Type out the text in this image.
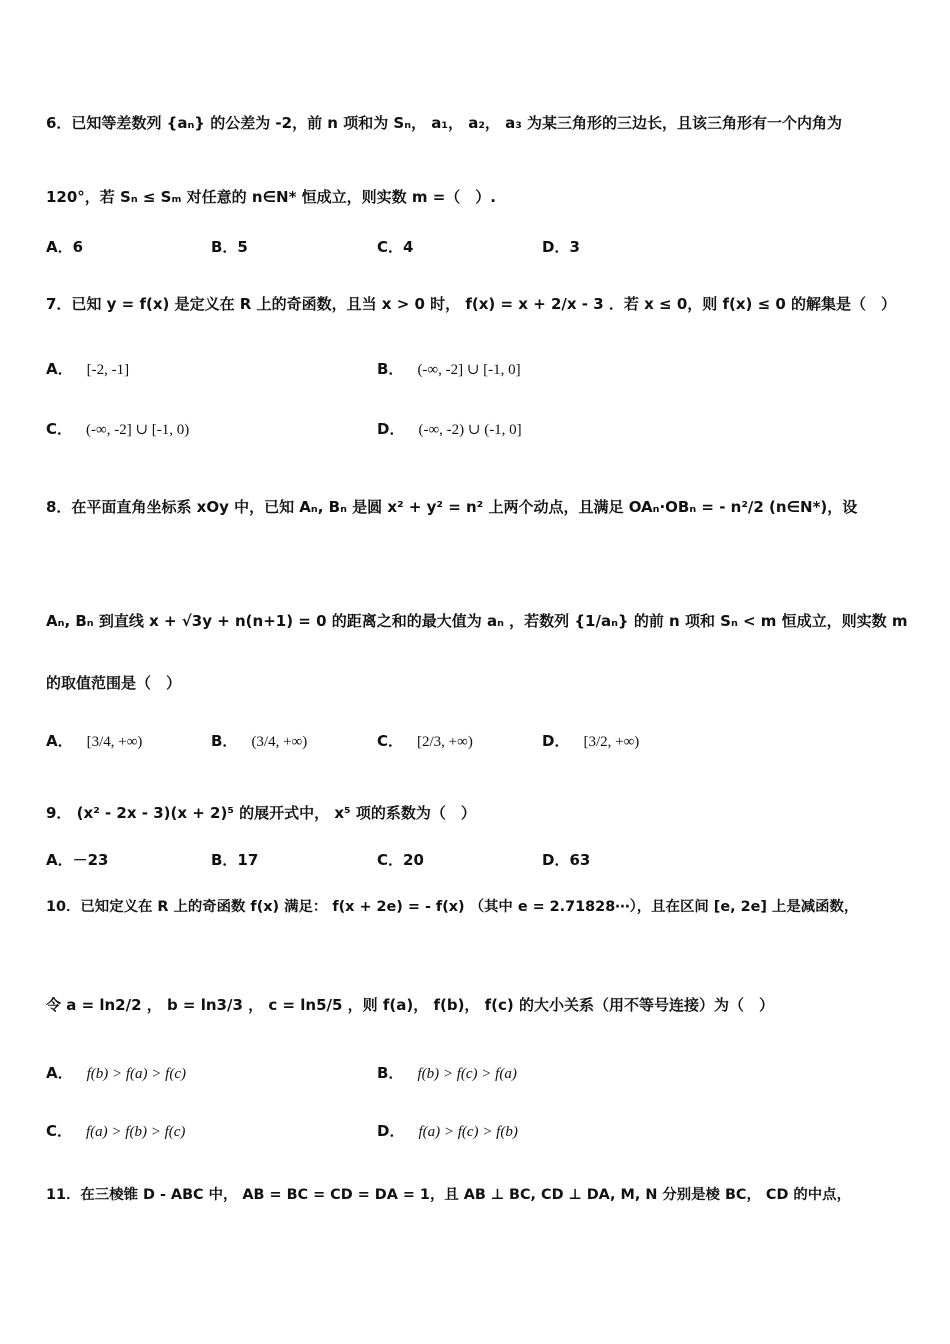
6．已知等差数列 {aₙ} 的公差为 -2，前 n 项和为 Sₙ， a₁， a₂， a₃ 为某三角形的三边长，且该三角形有一个内角为
120°，若 Sₙ ≤ Sₘ 对任意的 n∈N* 恒成立，则实数 m =（　）.
A．6	B．5	C．4	D．3
7．已知 y = f(x) 是定义在 R 上的奇函数，且当 x > 0 时， f(x) = x + 2/x - 3 ．若 x ≤ 0，则 f(x) ≤ 0 的解集是（　）
A． [-2, -1]	B． (-∞, -2] ∪ [-1, 0]
C． (-∞, -2] ∪ [-1, 0)	D． (-∞, -2) ∪ (-1, 0]
8．在平面直角坐标系 xOy 中，已知 Aₙ, Bₙ 是圆 x² + y² = n² 上两个动点，且满足 OAₙ·OBₙ = - n²/2 (n∈N*)，设
Aₙ, Bₙ 到直线 x + √3y + n(n+1) = 0 的距离之和的最大值为 aₙ ，若数列 {1/aₙ} 的前 n 项和 Sₙ < m 恒成立，则实数 m
的取值范围是（　）
A． [3/4, +∞)	B． (3/4, +∞)	C． [2/3, +∞)	D． [3/2, +∞)
9． (x² - 2x - 3)(x + 2)⁵ 的展开式中， x⁵ 项的系数为（　）
A．－23	B．17	C．20	D．63
10．已知定义在 R 上的奇函数 f(x) 满足： f(x + 2e) = - f(x) （其中 e = 2.71828⋯），且在区间 [e, 2e] 上是减函数，
令 a = ln2/2 ， b = ln3/3 ， c = ln5/5 ，则 f(a)， f(b)， f(c) 的大小关系（用不等号连接）为（　）
A． f(b) > f(a) > f(c)	B． f(b) > f(c) > f(a)
C． f(a) > f(b) > f(c)	D． f(a) > f(c) > f(b)
11．在三棱锥 D - ABC 中， AB = BC = CD = DA = 1，且 AB ⊥ BC, CD ⊥ DA, M, N 分别是棱 BC， CD 的中点，
